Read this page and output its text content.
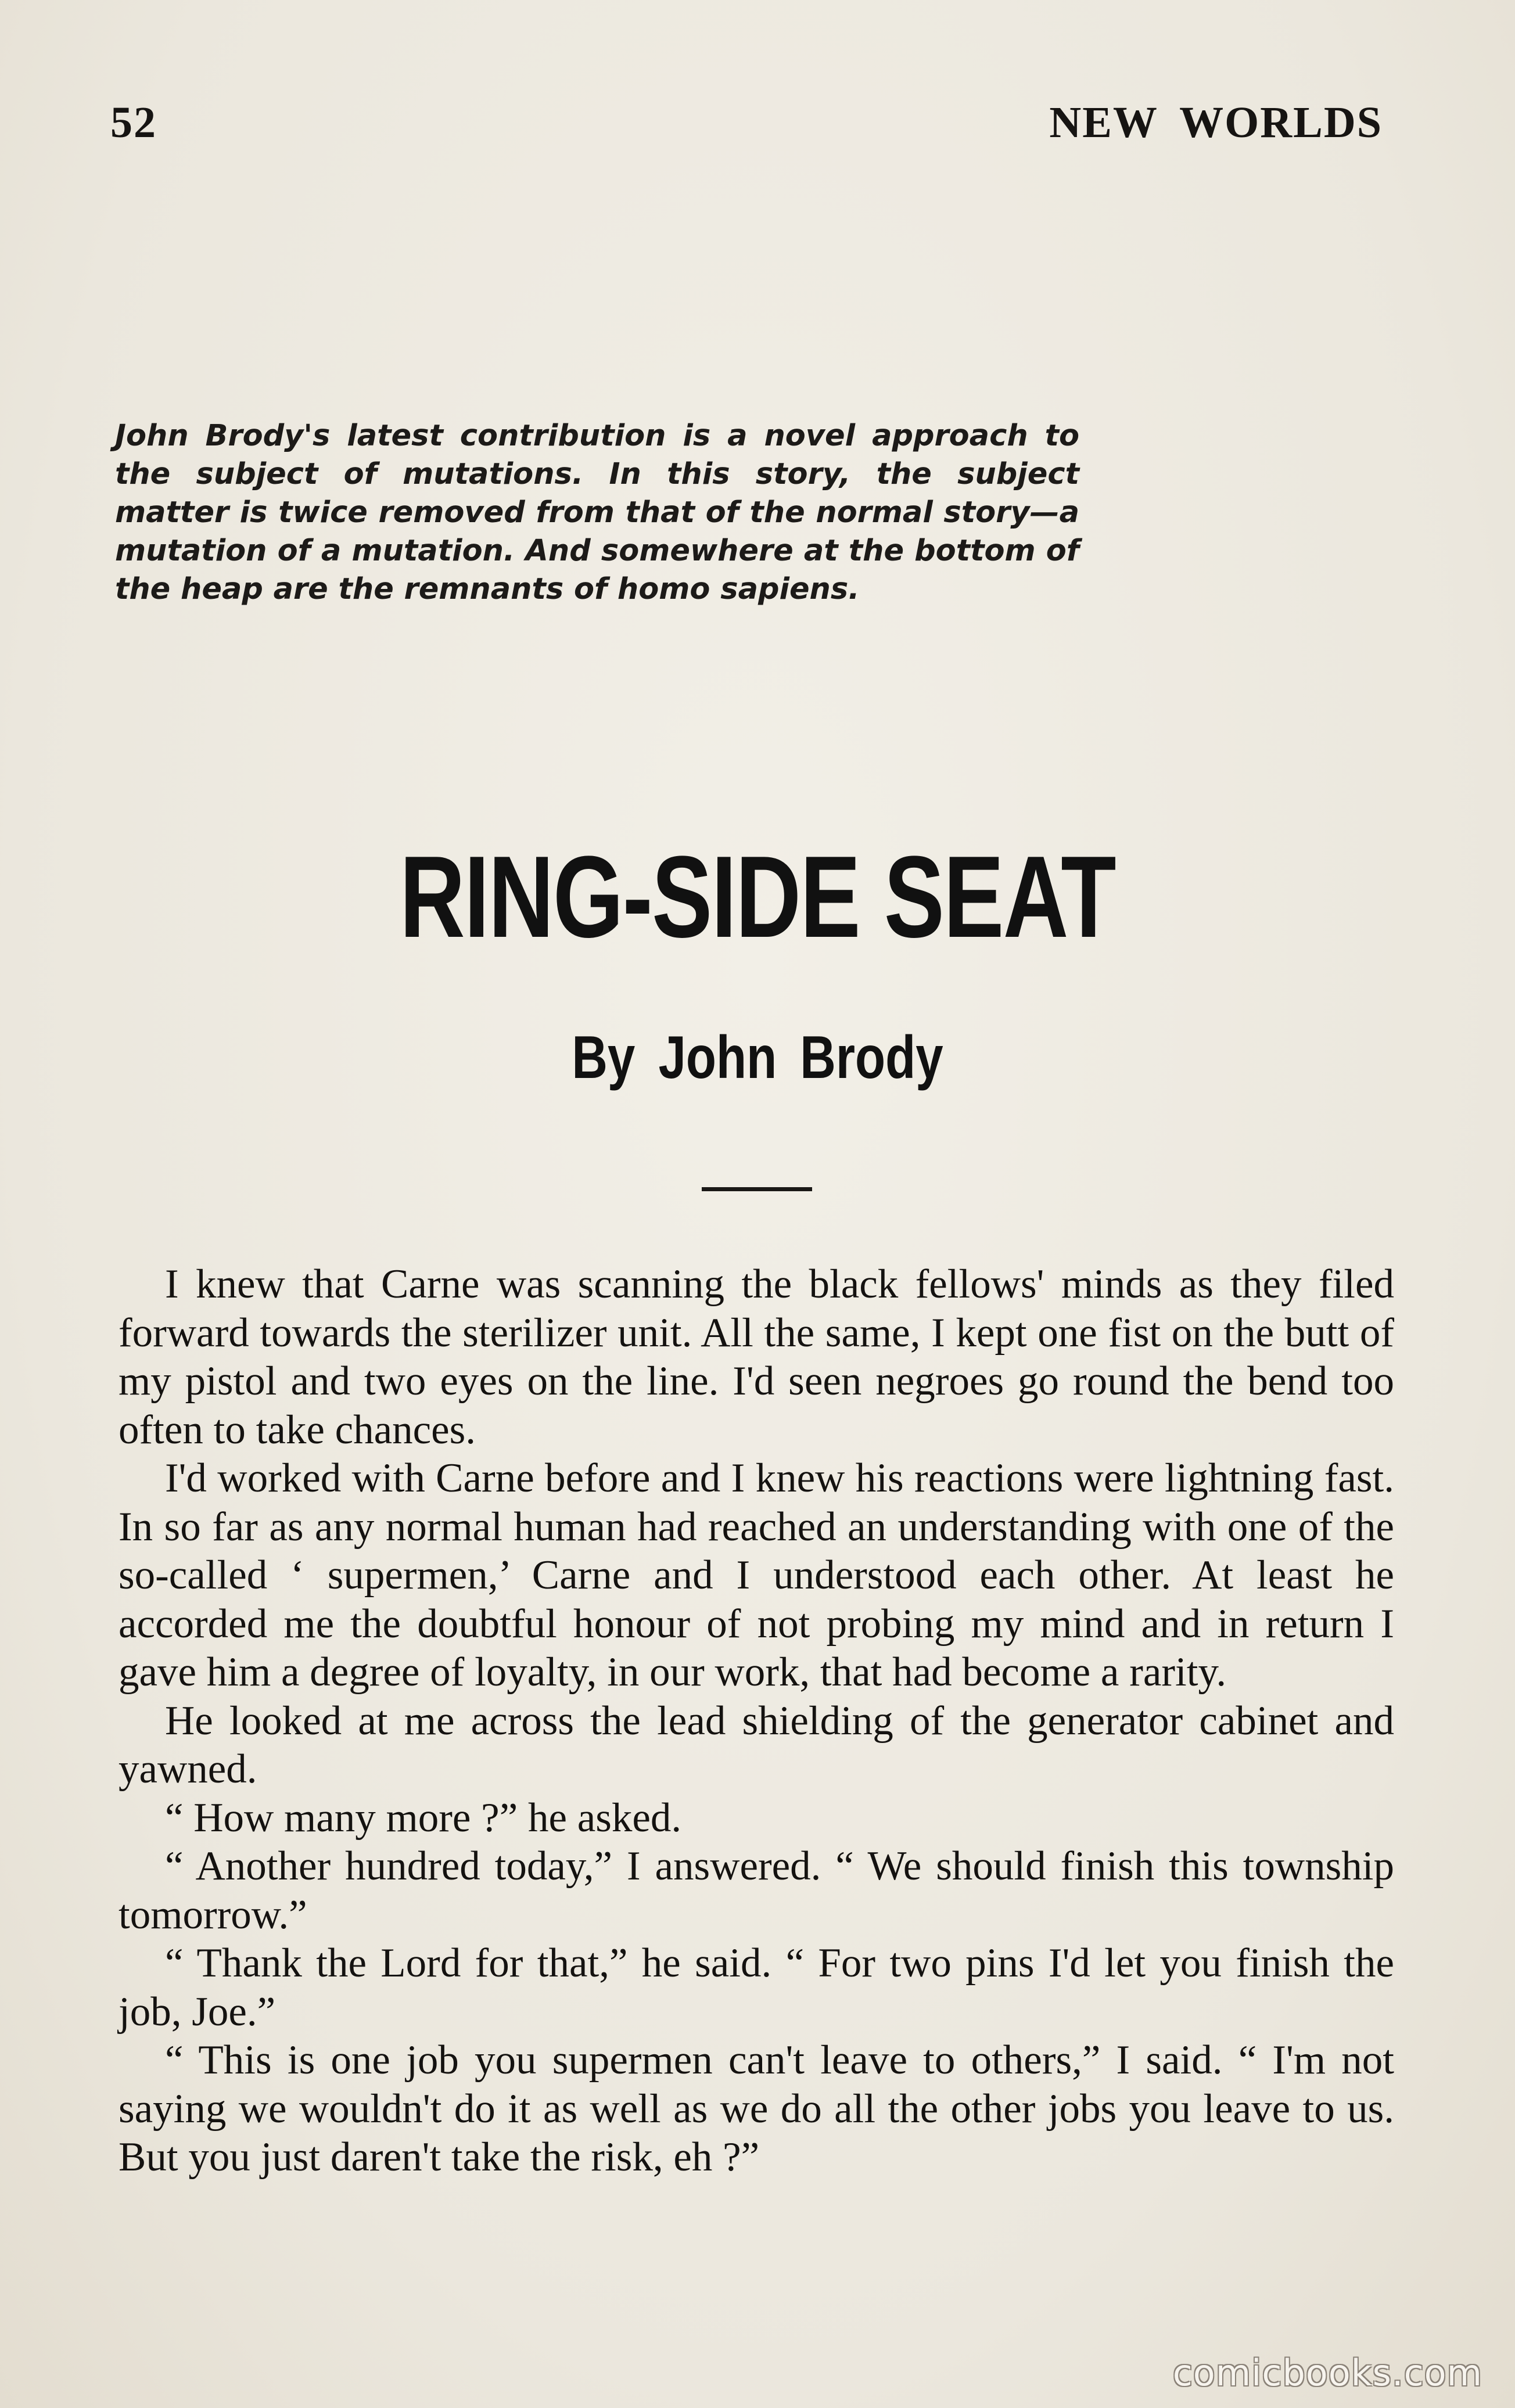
52	NEW WORLDS
John Brody's latest contribution is a novel approach to the subject of mutations. In this story, the subject matter is twice removed from that of the normal story—a mutation of a mutation. And somewhere at the bottom of the heap are the remnants of homo sapiens.
RING-SIDE SEAT
By John Brody

I knew that Carne was scanning the black fellows' minds as they filed forward towards the sterilizer unit. All the same, I kept one fist on the butt of my pistol and two eyes on the line. I'd seen negroes go round the bend too often to take chances.

I'd worked with Carne before and I knew his reactions were lightning fast. In so far as any normal human had reached an understanding with one of the so-called ‘ supermen,’ Carne and I understood each other. At least he accorded me the doubtful honour of not probing my mind and in return I gave him a degree of loyalty, in our work, that had become a rarity.

He looked at me across the lead shielding of the generator cabinet and yawned.

“ How many more ?” he asked.

“ Another hundred today,” I answered. “ We should finish this township tomorrow.”

“ Thank the Lord for that,” he said. “ For two pins I'd let you finish the job, Joe.”

“ This is one job you supermen can't leave to others,” I said. “ I'm not saying we wouldn't do it as well as we do all the other jobs you leave to us. But you just daren't take the risk, eh ?”

comicbooks.com
